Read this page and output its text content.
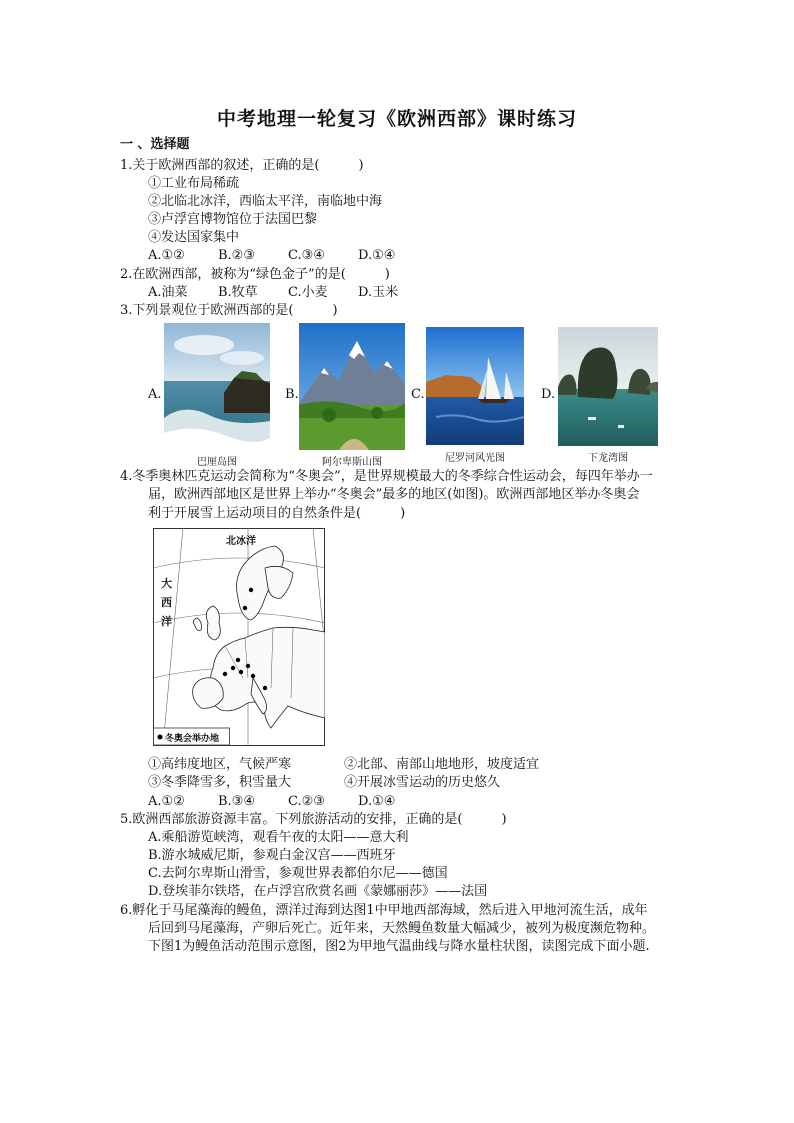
中考地理一轮复习《欧洲西部》课时练习
一 、选择题
1.关于欧洲西部的叙述，正确的是(　　　)
①工业布局稀疏
②北临北冰洋，西临太平洋，南临地中海
③卢浮宫博物馆位于法国巴黎
④发达国家集中
A.①②	B.②③	C.③④	D.①④
2.在欧洲西部，被称为“绿色金子”的是(　　　)
A.油菜 B.牧草 C.小麦 D.玉米
3.下列景观位于欧洲西部的是(　　　)
A.
巴厘岛图
B.
阿尔卑斯山图
C.
尼罗河风光图
D.
下龙湾图
4.冬季奥林匹克运动会简称为“冬奥会”，是世界规模最大的冬季综合性运动会，每四年举办一
届，欧洲西部地区是世界上举办“冬奥会”最多的地区(如图)。欧洲西部地区举办冬奥会
利于开展雪上运动项目的自然条件是(　　　)
北冰洋
大
西
洋
冬奥会举办地
①高纬度地区，气候严寒	②北部、南部山地地形，坡度适宜
③冬季降雪多，积雪量大	④开展冰雪运动的历史悠久
A.①②	B.③④	C.②③	D.①④
5.欧洲西部旅游资源丰富。下列旅游活动的安排，正确的是(　　　)
A.乘船游览峡湾，观看午夜的太阳——意大利
B.游水城威尼斯，参观白金汉宫——西班牙
C.去阿尔卑斯山滑雪，参观世界表都伯尔尼——德国
D.登埃菲尔铁塔，在卢浮宫欣赏名画《蒙娜丽莎》——法国
6.孵化于马尾藻海的鳗鱼，漂洋过海到达图1中甲地西部海域，然后进入甲地河流生活，成年
后回到马尾藻海，产卵后死亡。近年来，天然鳗鱼数量大幅减少，被列为极度濒危物种。
下图1为鳗鱼活动范围示意图，图2为甲地气温曲线与降水量柱状图，读图完成下面小题.
